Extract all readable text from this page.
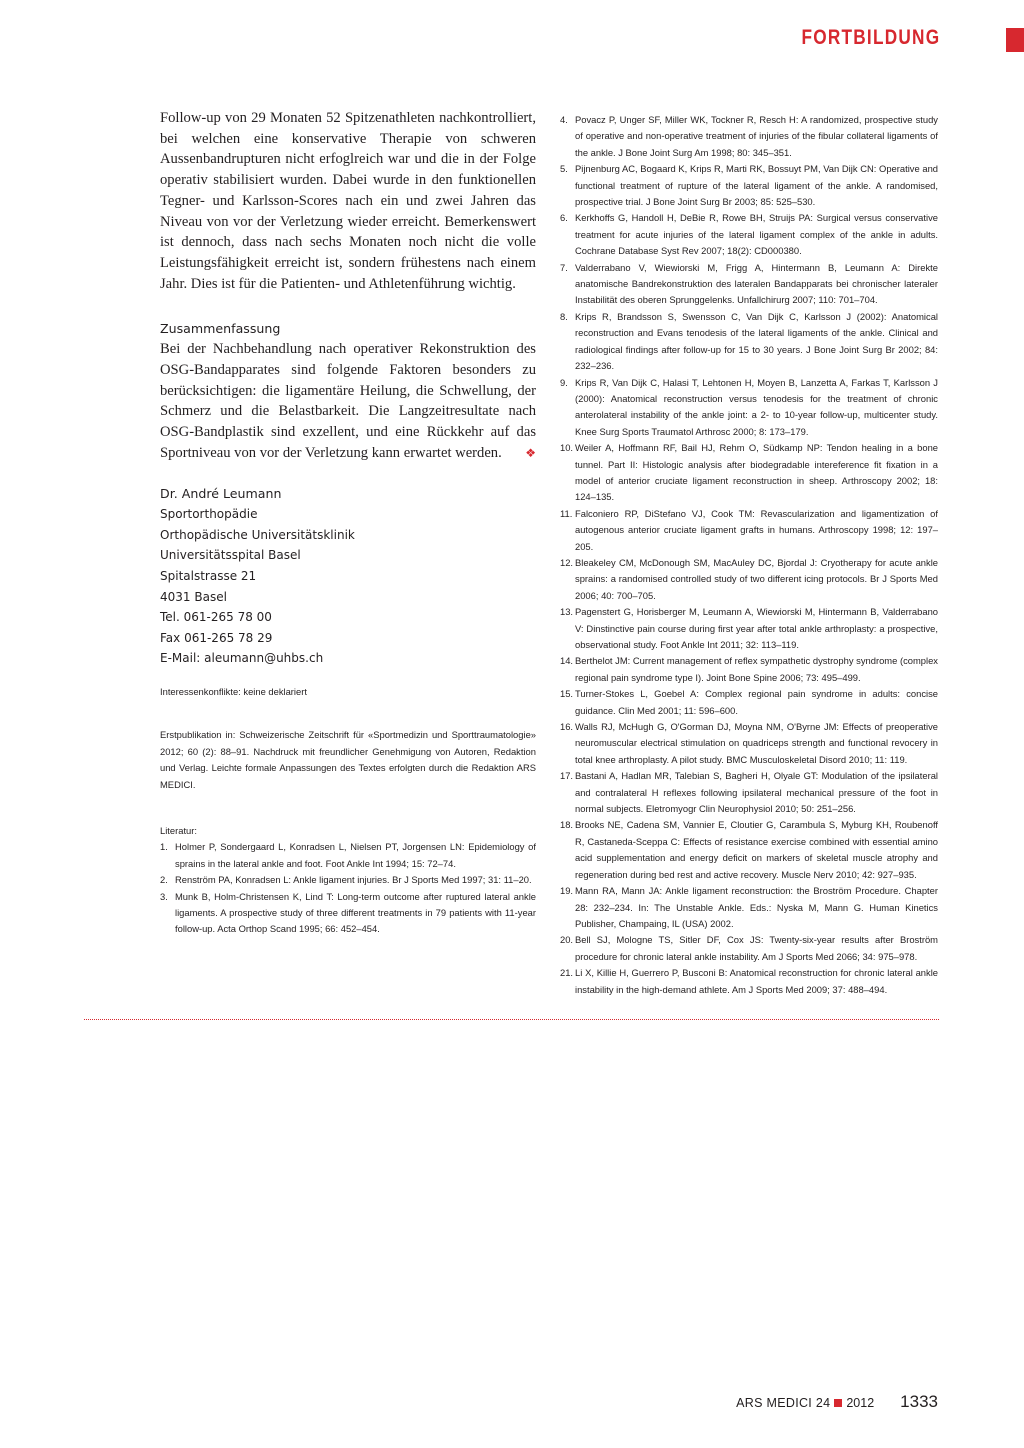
FORTBILDUNG

Follow-up von 29 Monaten 52 Spitzenathleten nachkontrolliert, bei welchen eine konservative Therapie von schweren Aussenbandrupturen nicht erfoglreich war und die in der Folge operativ stabilisiert wurden. Dabei wurde in den funktionellen Tegner- und Karlsson-Scores nach ein und zwei Jahren das Niveau von vor der Verletzung wieder erreicht. Bemerkenswert ist dennoch, dass nach sechs Monaten noch nicht die volle Leistungsfähigkeit erreicht ist, sondern frühestens nach einem Jahr. Dies ist für die Patienten- und Athletenführung wichtig.

Zusammenfassung

Bei der Nachbehandlung nach operativer Rekonstruktion des OSG-Bandapparates sind folgende Faktoren besonders zu berücksichtigen: die ligamentäre Heilung, die Schwellung, der Schmerz und die Belastbarkeit. Die Langzeitresultate nach OSG-Bandplastik sind exzellent, und eine Rückkehr auf das Sportniveau von vor der Verletzung kann erwartet werden. ❖

Dr. André Leumann
Sportorthopädie
Orthopädische Universitätsklinik
Universitätsspital Basel
Spitalstrasse 21
4031 Basel
Tel. 061-265 78 00
Fax 061-265 78 29
E-Mail: aleumann@uhbs.ch

Interessenkonflikte: keine deklariert

Erstpublikation in: Schweizerische Zeitschrift für «Sportmedizin und Sporttraumatologie» 2012; 60 (2): 88–91. Nachdruck mit freundlicher Genehmigung von Autoren, Redaktion und Verlag. Leichte formale Anpassungen des Textes erfolgten durch die Redaktion ARS MEDICI.

Literatur:

1. Holmer P, Sondergaard L, Konradsen L, Nielsen PT, Jorgensen LN: Epidemiology of sprains in the lateral ankle and foot. Foot Ankle Int 1994; 15: 72–74.
2. Renström PA, Konradsen L: Ankle ligament injuries. Br J Sports Med 1997; 31: 11–20.
3. Munk B, Holm-Christensen K, Lind T: Long-term outcome after ruptured lateral ankle ligaments. A prospective study of three different treatments in 79 patients with 11-year follow-up. Acta Orthop Scand 1995; 66: 452–454.
4. Povacz P, Unger SF, Miller WK, Tockner R, Resch H: A randomized, prospective study of operative and non-operative treatment of injuries of the fibular collateral ligaments of the ankle. J Bone Joint Surg Am 1998; 80: 345–351.
5. Pijnenburg AC, Bogaard K, Krips R, Marti RK, Bossuyt PM, Van Dijk CN: Operative and functional treatment of rupture of the lateral ligament of the ankle. A randomised, prospective trial. J Bone Joint Surg Br 2003; 85: 525–530.
6. Kerkhoffs G, Handoll H, DeBie R, Rowe BH, Struijs PA: Surgical versus conservative treatment for acute injuries of the lateral ligament complex of the ankle in adults. Cochrane Database Syst Rev 2007; 18(2): CD000380.
7. Valderrabano V, Wiewiorski M, Frigg A, Hintermann B, Leumann A: Direkte anatomische Bandrekonstruktion des lateralen Bandapparats bei chronischer lateraler Instabilität des oberen Sprunggelenks. Unfallchirurg 2007; 110: 701–704.
8. Krips R, Brandsson S, Swensson C, Van Dijk C, Karlsson J (2002): Anatomical reconstruction and Evans tenodesis of the lateral ligaments of the ankle. Clinical and radiological findings after follow-up for 15 to 30 years. J Bone Joint Surg Br 2002; 84: 232–236.
9. Krips R, Van Dijk C, Halasi T, Lehtonen H, Moyen B, Lanzetta A, Farkas T, Karlsson J (2000): Anatomical reconstruction versus tenodesis for the treatment of chronic anterolateral instability of the ankle joint: a 2- to 10-year follow-up, multicenter study. Knee Surg Sports Traumatol Arthrosc 2000; 8: 173–179.
10. Weiler A, Hoffmann RF, Bail HJ, Rehm O, Südkamp NP: Tendon healing in a bone tunnel. Part II: Histologic analysis after biodegradable intereference fit fixation in a model of anterior cruciate ligament reconstruction in sheep. Arthroscopy 2002; 18: 124–135.
11. Falconiero RP, DiStefano VJ, Cook TM: Revascularization and ligamentization of autogenous anterior cruciate ligament grafts in humans. Arthroscopy 1998; 12: 197–205.
12. Bleakeley CM, McDonough SM, MacAuley DC, Bjordal J: Cryotherapy for acute ankle sprains: a randomised controlled study of two different icing protocols. Br J Sports Med 2006; 40: 700–705.
13. Pagenstert G, Horisberger M, Leumann A, Wiewiorski M, Hintermann B, Valderrabano V: Dinstinctive pain course during first year after total ankle arthroplasty: a prospective, observational study. Foot Ankle Int 2011; 32: 113–119.
14. Berthelot JM: Current management of reflex sympathetic dystrophy syndrome (complex regional pain syndrome type I). Joint Bone Spine 2006; 73: 495–499.
15. Turner-Stokes L, Goebel A: Complex regional pain syndrome in adults: concise guidance. Clin Med 2001; 11: 596–600.
16. Walls RJ, McHugh G, O'Gorman DJ, Moyna NM, O'Byrne JM: Effects of preoperative neuromuscular electrical stimulation on quadriceps strength and functional revocery in total knee arthroplasty. A pilot study. BMC Musculoskeletal Disord 2010; 11: 119.
17. Bastani A, Hadlan MR, Talebian S, Bagheri H, Olyale GT: Modulation of the ipsilateral and contralateral H reflexes following ipsilateral mechanical pressure of the foot in normal subjects. Eletromyogr Clin Neurophysiol 2010; 50: 251–256.
18. Brooks NE, Cadena SM, Vannier E, Cloutier G, Carambula S, Myburg KH, Roubenoff R, Castaneda-Sceppa C: Effects of resistance exercise combined with essential amino acid supplementation and energy deficit on markers of skeletal muscle atrophy and regeneration during bed rest and active recovery. Muscle Nerv 2010; 42: 927–935.
19. Mann RA, Mann JA: Ankle ligament reconstruction: the Broström Procedure. Chapter 28: 232–234. In: The Unstable Ankle. Eds.: Nyska M, Mann G. Human Kinetics Publisher, Champaing, IL (USA) 2002.
20. Bell SJ, Mologne TS, Sitler DF, Cox JS: Twenty-six-year results after Broström procedure for chronic lateral ankle instability. Am J Sports Med 2066; 34: 975–978.
21. Li X, Killie H, Guerrero P, Busconi B: Anatomical reconstruction for chronic lateral ankle instability in the high-demand athlete. Am J Sports Med 2009; 37: 488–494.
ARS MEDICI 24 2012 1333
